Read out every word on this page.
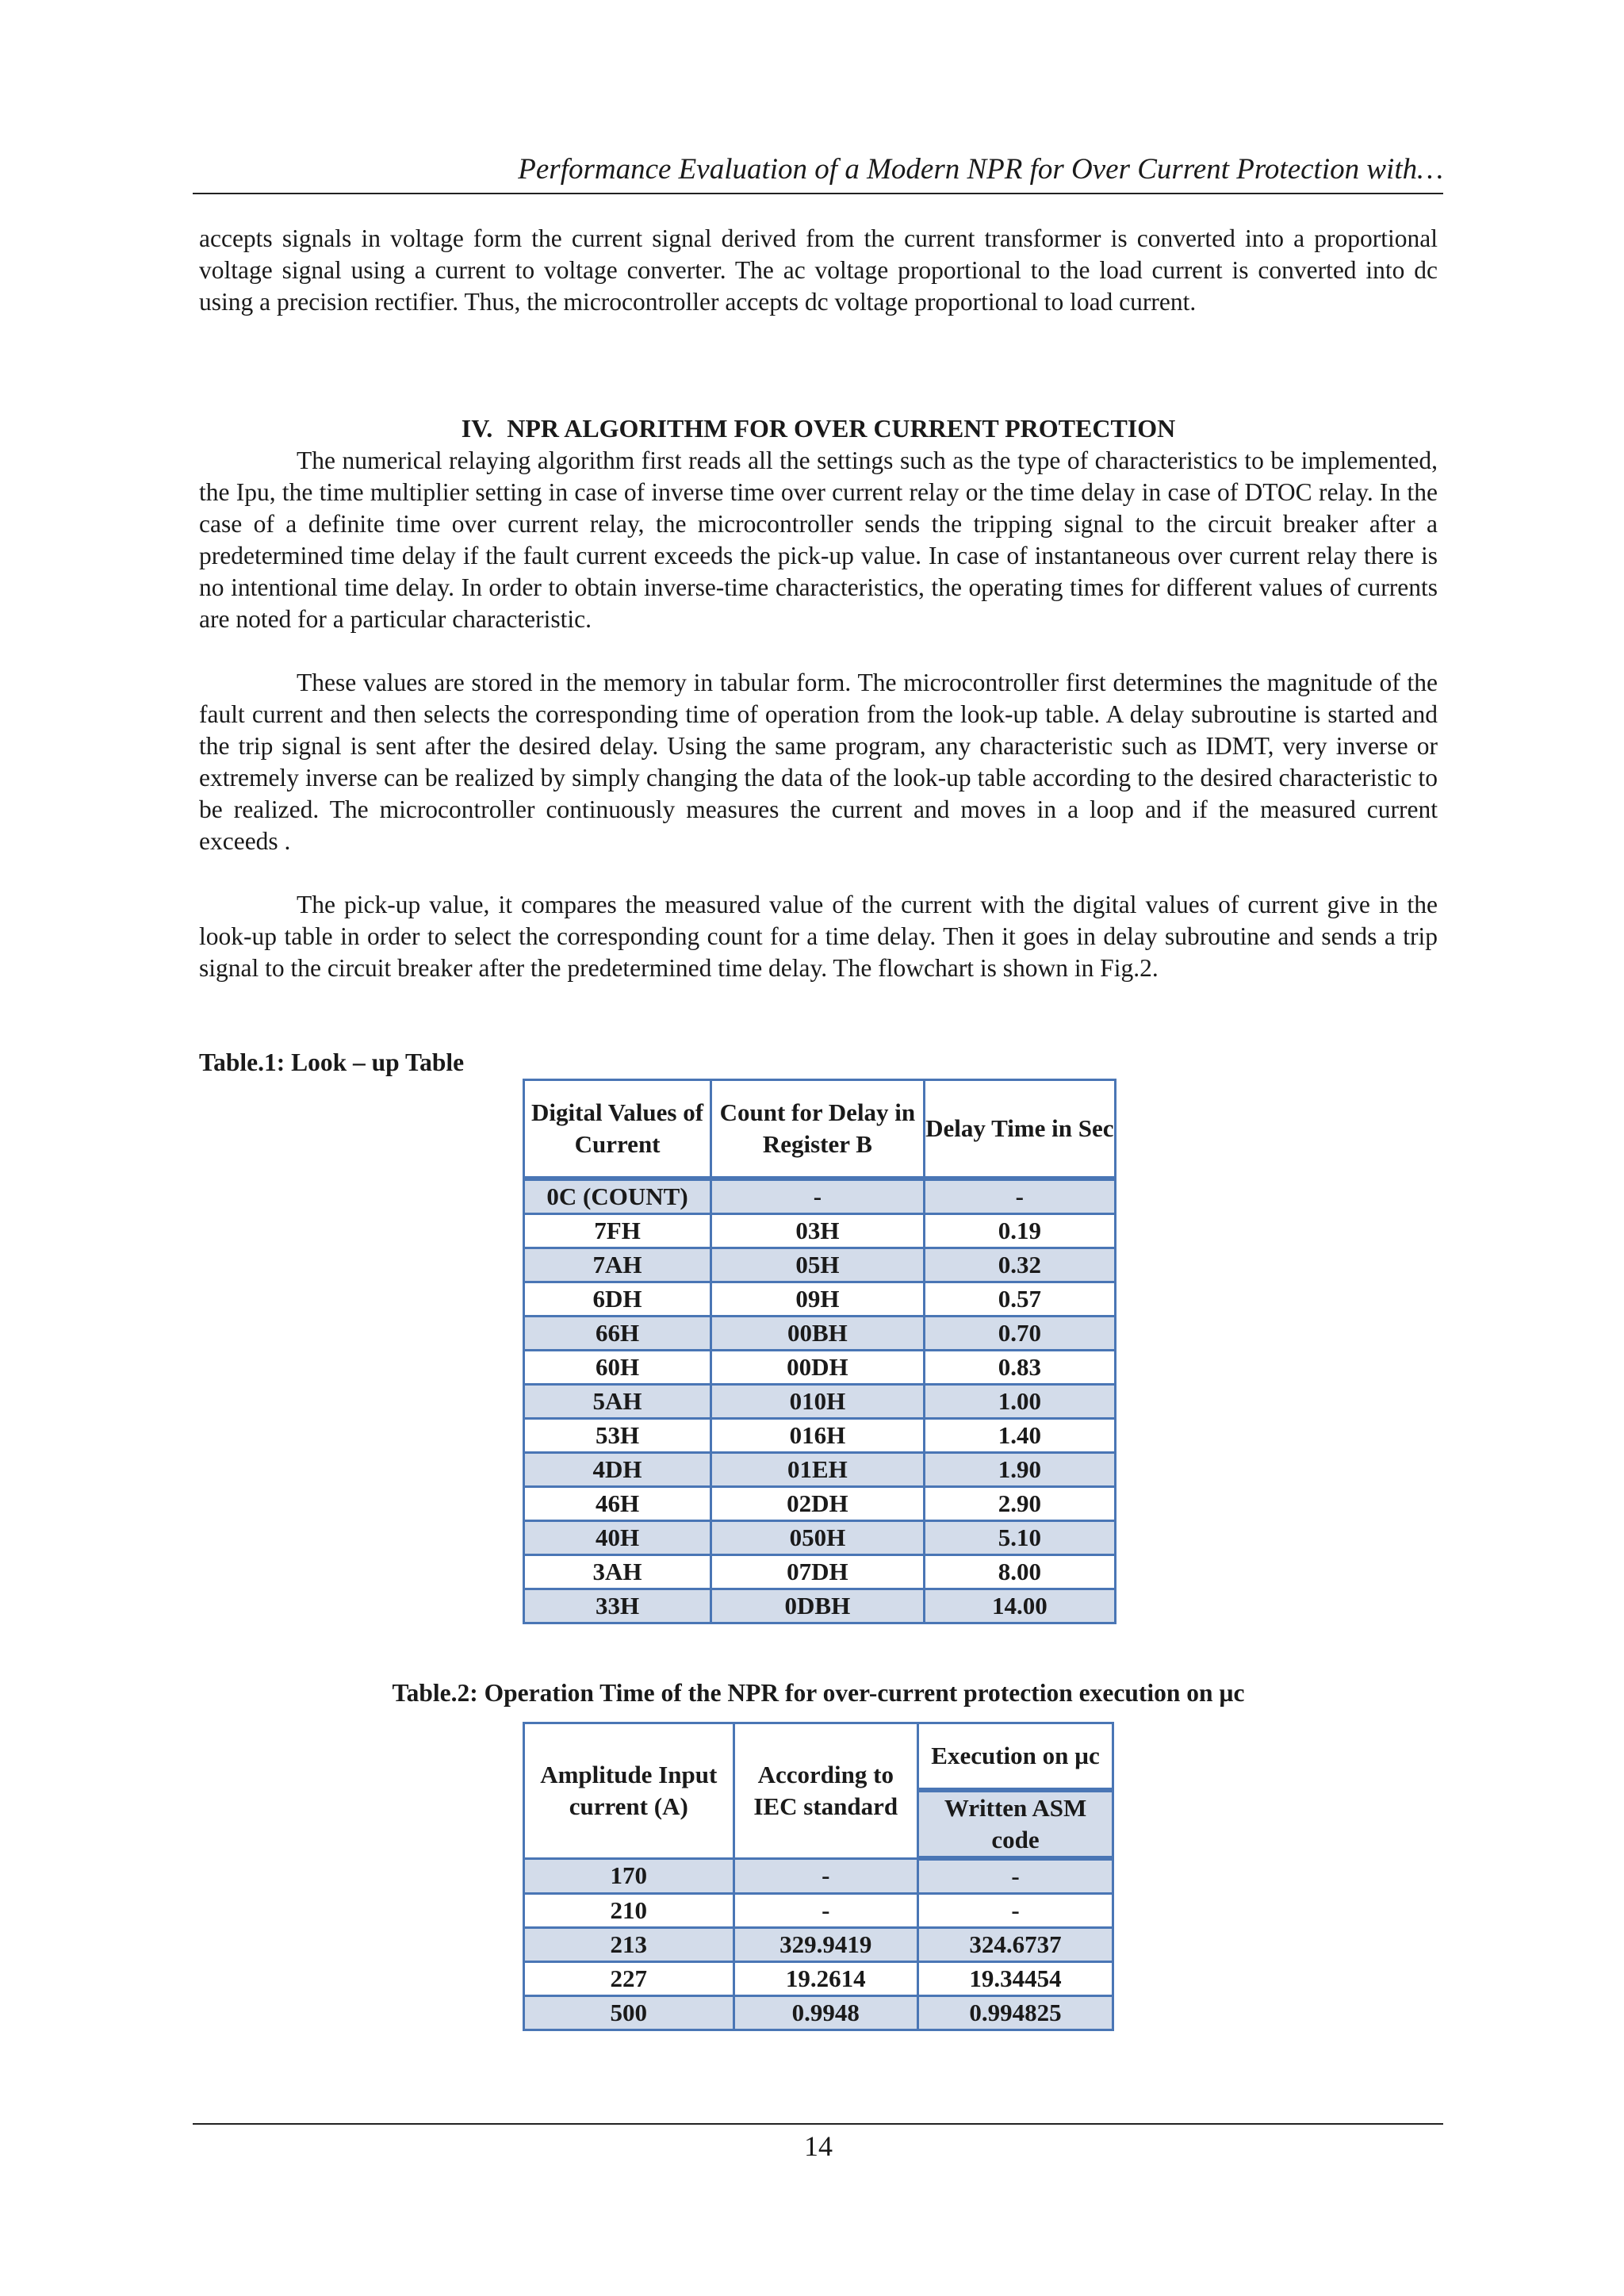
Performance Evaluation of a Modern NPR for Over Current Protection with…

accepts signals in voltage form the current signal derived from the current transformer is converted into a proportional voltage signal using a current to voltage converter. The ac voltage proportional to the load current is converted into dc using a precision rectifier. Thus, the microcontroller accepts dc voltage proportional to load current.

IV. NPR ALGORITHM FOR OVER CURRENT PROTECTION

The numerical relaying algorithm first reads all the settings such as the type of characteristics to be implemented, the Ipu, the time multiplier setting in case of inverse time over current relay or the time delay in case of DTOC relay. In the case of a definite time over current relay, the microcontroller sends the tripping signal to the circuit breaker after a predetermined time delay if the fault current exceeds the pick-up value. In case of instantaneous over current relay there is no intentional time delay. In order to obtain inverse-time characteristics, the operating times for different values of currents are noted for a particular characteristic.

These values are stored in the memory in tabular form. The microcontroller first determines the magnitude of the fault current and then selects the corresponding time of operation from the look-up table. A delay subroutine is started and the trip signal is sent after the desired delay. Using the same program, any characteristic such as IDMT, very inverse or extremely inverse can be realized by simply changing the data of the look-up table according to the desired characteristic to be realized. The microcontroller continuously measures the current and moves in a loop and if the measured current exceeds .

The pick-up value, it compares the measured value of the current with the digital values of current give in the look-up table in order to select the corresponding count for a time delay. Then it goes in delay subroutine and sends a trip signal to the circuit breaker after the predetermined time delay. The flowchart is shown in Fig.2.

Table.1: Look – up Table

Digital Values of Current	Count for Delay in Register B	Delay Time in Sec
0C (COUNT)	-	-
7FH	03H	0.19
7AH	05H	0.32
6DH	09H	0.57
66H	00BH	0.70
60H	00DH	0.83
5AH	010H	1.00
53H	016H	1.40
4DH	01EH	1.90
46H	02DH	2.90
40H	050H	5.10
3AH	07DH	8.00
33H	0DBH	14.00

Table.2: Operation Time of the NPR for over-current protection execution on µc

Amplitude Input current (A)	According to IEC standard	Execution on µc
		Written ASM code
170	-	-
210	-	-
213	329.9419	324.6737
227	19.2614	19.34454
500	0.9948	0.994825
14
